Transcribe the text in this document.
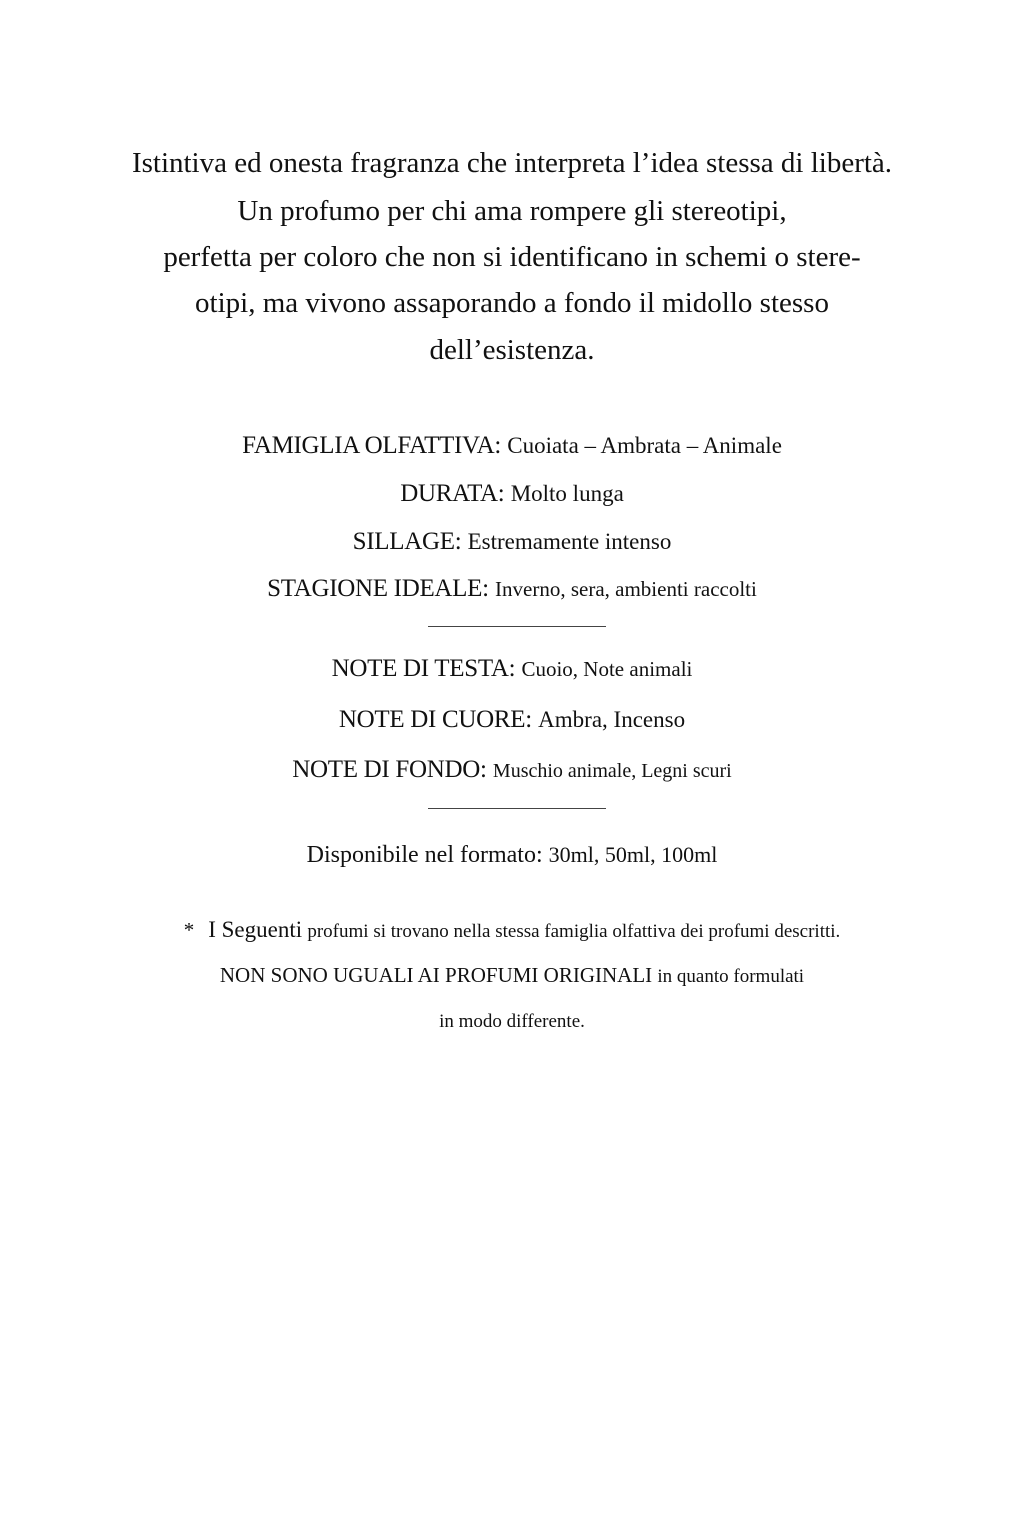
Istintiva ed onesta fragranza che interpreta l’idea stessa di libertà.
Un profumo per chi ama rompere gli stereotipi,
perfetta per coloro che non si identificano in schemi o stere-
otipi, ma vivono assaporando a fondo il midollo stesso
dell’esistenza.
FAMIGLIA OLFATTIVA: Cuoiata – Ambrata – Animale
DURATA: Molto lunga
SILLAGE: Estremamente intenso
STAGIONE IDEALE: Inverno, sera, ambienti raccolti
NOTE DI TESTA: Cuoio, Note animali
NOTE DI CUORE: Ambra, Incenso
NOTE DI FONDO: Muschio animale, Legni scuri
Disponibile nel formato: 30ml, 50ml, 100ml
* I Seguenti profumi si trovano nella stessa famiglia olfattiva dei profumi descritti.
NON SONO UGUALI AI PROFUMI ORIGINALI in quanto formulati
in modo differente.
